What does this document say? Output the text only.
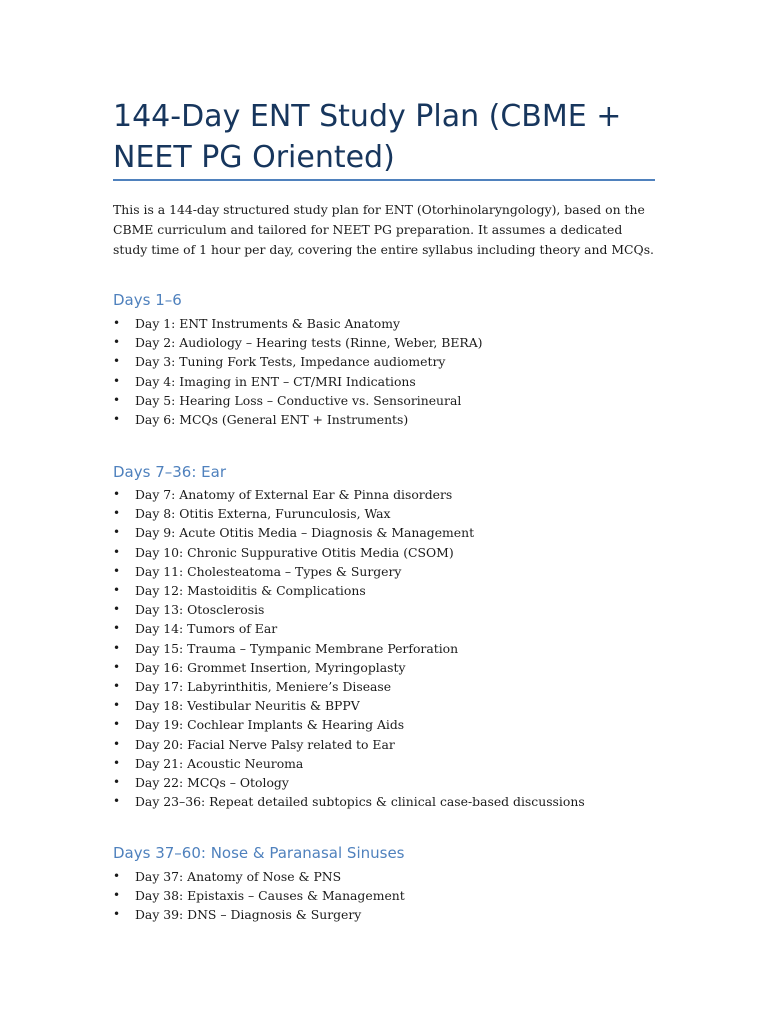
144-Day ENT Study Plan (CBME + NEET PG Oriented)

This is a 144-day structured study plan for ENT (Otorhinolaryngology), based on the CBME curriculum and tailored for NEET PG preparation. It assumes a dedicated study time of 1 hour per day, covering the entire syllabus including theory and MCQs.

Days 1–6
• Day 1: ENT Instruments & Basic Anatomy
• Day 2: Audiology – Hearing tests (Rinne, Weber, BERA)
• Day 3: Tuning Fork Tests, Impedance audiometry
• Day 4: Imaging in ENT – CT/MRI Indications
• Day 5: Hearing Loss – Conductive vs. Sensorineural
• Day 6: MCQs (General ENT + Instruments)
Days 7–36: Ear
• Day 7: Anatomy of External Ear & Pinna disorders
• Day 8: Otitis Externa, Furunculosis, Wax
• Day 9: Acute Otitis Media – Diagnosis & Management
• Day 10: Chronic Suppurative Otitis Media (CSOM)
• Day 11: Cholesteatoma – Types & Surgery
• Day 12: Mastoiditis & Complications
• Day 13: Otosclerosis
• Day 14: Tumors of Ear
• Day 15: Trauma – Tympanic Membrane Perforation
• Day 16: Grommet Insertion, Myringoplasty
• Day 17: Labyrinthitis, Meniere’s Disease
• Day 18: Vestibular Neuritis & BPPV
• Day 19: Cochlear Implants & Hearing Aids
• Day 20: Facial Nerve Palsy related to Ear
• Day 21: Acoustic Neuroma
• Day 22: MCQs – Otology
• Day 23–36: Repeat detailed subtopics & clinical case-based discussions
Days 37–60: Nose & Paranasal Sinuses
• Day 37: Anatomy of Nose & PNS
• Day 38: Epistaxis – Causes & Management
• Day 39: DNS – Diagnosis & Surgery
